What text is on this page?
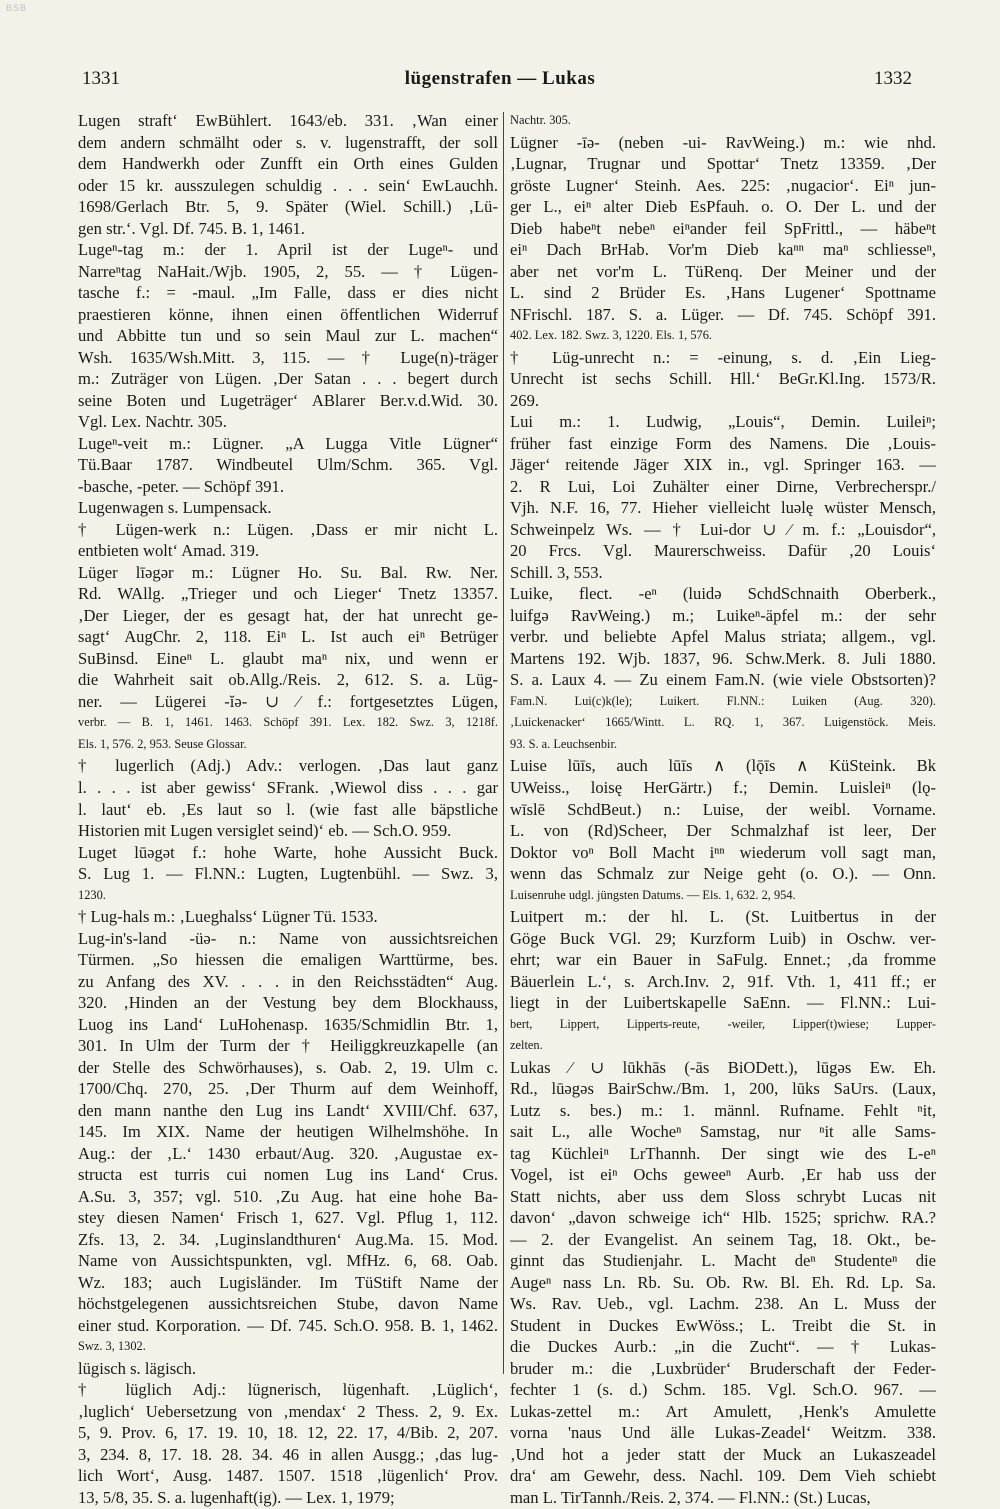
BSB
1331	lügenstrafen — Lukas	1332
Lugen straft‘ EwBühlert. 1643/eb. 331. ‚Wan einer
dem andern schmälht oder s. v. lugenstrafft, der soll
dem Handwerkh oder Zunfft ein Orth eines Gulden
oder 15 kr. ausszulegen schuldig . . . sein‘ EwLauchh.
1698/Gerlach Btr. 5, 9. Später (Wiel. Schill.) ‚Lü-
gen str.‘. Vgl. Df. 745. B. 1, 1461.
Lugeⁿ-tag m.: der 1. April ist der Lugeⁿ- und
Narreⁿtag NaHait./Wjb. 1905, 2, 55. — † Lügen-
tasche f.: = -maul. „Im Falle, dass er dies nicht
praestieren könne, ihnen einen öffentlichen Widerruf
und Abbitte tun und so sein Maul zur L. machen“
Wsh. 1635/Wsh.Mitt. 3, 115. — † Luge(n)-träger
m.: Zuträger von Lügen. ‚Der Satan . . . begert durch
seine Boten und Lugeträger‘ ABlarer Ber.v.d.Wid. 30.
Vgl. Lex. Nachtr. 305.
Lugeⁿ-veit m.: Lügner. „A Lugga Vitle Lügner“
Tü.Baar 1787. Windbeutel Ulm/Schm. 365. Vgl.
-basche, -peter. — Schöpf 391.
Lugenwagen s. Lumpensack.
† Lügen-werk n.: Lügen. ‚Dass er mir nicht L.
entbieten wolt‘ Amad. 319.
Lüger līəgər m.: Lügner Ho. Su. Bal. Rw. Ner.
Rd. WAllg. „Trieger und och Lieger‘ Tnetz 13357.
‚Der Lieger, der es gesagt hat, der hat unrecht ge-
sagt‘ AugChr. 2, 118. Eiⁿ L. Ist auch eiⁿ Betrüger
SuBinsd. Eineⁿ L. glaubt maⁿ nix, und wenn er
die Wahrheit sait ob.Allg./Reis. 2, 612. S. a. Lüg-
ner. — Lügerei -ĭə- ∪ ∕ f.: fortgesetztes Lügen,
verbr. — B. 1, 1461. 1463. Schöpf 391. Lex. 182. Swz. 3, 1218f.
Els. 1, 576. 2, 953. Seuse Glossar.
† lugerlich (Adj.) Adv.: verlogen. ‚Das laut ganz
l. . . . ist aber gewiss‘ SFrank. ‚Wiewol diss . . . gar
l. laut‘ eb. ‚Es laut so l. (wie fast alle bäpstliche
Historien mit Lugen versiglet seind)‘ eb. — Sch.O. 959.
Luget lūəgət f.: hohe Warte, hohe Aussicht Buck.
S. Lug 1. — Fl.NN.: Lugten, Lugtenbühl. — Swz. 3,
1230.
† Lug-hals m.: ‚Lueghalss‘ Lügner Tü. 1533.
Lug-in's-land -üə- n.: Name von aussichtsreichen
Türmen. „So hiessen die emaligen Warttürme, bes.
zu Anfang des XV. . . . in den Reichsstädten“ Aug.
320. ‚Hinden an der Vestung bey dem Blockhauss,
Luog ins Land‘ LuHohenasp. 1635/Schmidlin Btr. 1,
301. In Ulm der Turm der † Heiliggkreuzkapelle (an
der Stelle des Schwörhauses), s. Oab. 2, 19. Ulm c.
1700/Chq. 270, 25. ‚Der Thurm auf dem Weinhoff,
den mann nanthe den Lug ins Landt‘ XVIII/Chf. 637,
145. Im XIX. Name der heutigen Wilhelmshöhe. In
Aug.: der ‚L.‘ 1430 erbaut/Aug. 320. ‚Augustae ex-
structa est turris cui nomen Lug ins Land‘ Crus.
A.Su. 3, 357; vgl. 510. ‚Zu Aug. hat eine hohe Ba-
stey diesen Namen‘ Frisch 1, 627. Vgl. Pflug 1, 112.
Zfs. 13, 2. 34. ‚Luginslandthuren‘ Aug.Ma. 15. Mod.
Name von Aussichtspunkten, vgl. MfHz. 6, 68. Oab.
Wz. 183; auch Lugisländer. Im TüStift Name der
höchstgelegenen aussichtsreichen Stube, davon Name
einer stud. Korporation. — Df. 745. Sch.O. 958. B. 1, 1462.
Swz. 3, 1302.
lügisch s. lägisch.
† lüglich Adj.: lügnerisch, lügenhaft. ‚Lüglich‘,
‚luglich‘ Uebersetzung von ‚mendax‘ 2 Thess. 2, 9. Ex.
5, 9. Prov. 6, 17. 19. 10, 18. 12, 22. 17, 4/Bib. 2, 207.
3, 234. 8, 17. 18. 28. 34. 46 in allen Ausgg.; ‚das lug-
lich Wort‘, Ausg. 1487. 1507. 1518 ‚lügenlich‘ Prov.
13, 5/8, 35. S. a. lugenhaft(ig). — Lex. 1, 1979;
Nachtr. 305.
Lügner -īə- (neben -ui- RavWeing.) m.: wie nhd.
‚Lugnar, Trugnar und Spottar‘ Tnetz 13359. ‚Der
gröste Lugner‘ Steinh. Aes. 225: ‚nugacior‘. Eiⁿ jun-
ger L., eiⁿ alter Dieb EsPfauh. o. O. Der L. und der
Dieb habeⁿt nebeⁿ eiⁿander feil SpFrittl., — häbeⁿt
eiⁿ Dach BrHab. Vor'm Dieb kaⁿⁿ maⁿ schliesseⁿ,
aber net vor'm L. TüRenq. Der Meiner und der
L. sind 2 Brüder Es. ‚Hans Lugener‘ Spottname
NFrischl. 187. S. a. Lüger. — Df. 745. Schöpf 391.
402. Lex. 182. Swz. 3, 1220. Els. 1, 576.
† Lüg-unrecht n.: = -einung, s. d. ‚Ein Lieg-
Unrecht ist sechs Schill. Hll.‘ BeGr.Kl.Ing. 1573/R.
269.
Lui m.: 1. Ludwig, „Louis“, Demin. Luileiⁿ;
früher fast einzige Form des Namens. Die ‚Louis-
Jäger‘ reitende Jäger XIX in., vgl. Springer 163. —
2. R Lui, Loi Zuhälter einer Dirne, Verbrecherspr./
Vjh. N.F. 16, 77. Hieher vielleicht luəlę wüster Mensch,
Schweinpelz Ws. — † Lui-dor ∪ ∕ m. f.: „Louisdor“,
20 Frcs. Vgl. Maurerschweiss. Dafür ‚20 Louis‘
Schill. 3, 553.
Luike, flect. -eⁿ (luidə SchdSchnaith Oberberk.,
luifgə RavWeing.) m.; Luikeⁿ-äpfel m.: der sehr
verbr. und beliebte Apfel Malus striata; allgem., vgl.
Martens 192. Wjb. 1837, 96. Schw.Merk. 8. Juli 1880.
S. a. Laux 4. — Zu einem Fam.N. (wie viele Obstsorten)?
Fam.N. Lui(c)k(le); Luikert. Fl.NN.: Luiken (Aug. 320).
‚Luickenacker‘ 1665/Wintt. L. RQ. 1, 367. Luigenstöck. Meis.
93. S. a. Leuchsenbir.
Luise lūīs, auch lūīs ∧ (lǭīs ∧ KüSteink. Bk
UWeiss., loisę HerGärtr.) f.; Demin. Luisleiⁿ (lǫ-
wīslē SchdBeut.) n.: Luise, der weibl. Vorname.
L. von (Rd)Scheer, Der Schmalzhaf ist leer, Der
Doktor voⁿ Boll Macht iⁿⁿ wiederum voll sagt man,
wenn das Schmalz zur Neige geht (o. O.). — Onn.
Luisenruhe udgl. jüngsten Datums. — Els. 1, 632. 2, 954.
Luitpert m.: der hl. L. (St. Luitbertus in der
Göge Buck VGl. 29; Kurzform Luib) in Oschw. ver-
ehrt; war ein Bauer in SaFulg. Ennet.; ‚da fromme
Bäuerlein L.‘, s. Arch.Inv. 2, 91f. Vth. 1, 411 ff.; er
liegt in der Luibertskapelle SaEnn. — Fl.NN.: Lui-
bert, Lippert, Lipperts-reute, -weiler, Lipper(t)wiese; Lupper-
zelten.
Lukas ∕ ∪ lūkhās (-ās BiODett.), lūgəs Ew. Eh.
Rd., lūəgəs BairSchw./Bm. 1, 200, lūks SaUrs. (Laux,
Lutz s. bes.) m.: 1. männl. Rufname. Fehlt ⁿit,
sait L., alle Wocheⁿ Samstag, nur ⁿit alle Sams-
tag Küchleiⁿ LrThannh. Der singt wie des L-eⁿ
Vogel, ist eiⁿ Ochs geweeⁿ Aurb. ‚Er hab uss der
Statt nichts, aber uss dem Sloss schrybt Lucas nit
davon‘ „davon schweige ich“ Hlb. 1525; sprichw. RA.?
— 2. der Evangelist. An seinem Tag, 18. Okt., be-
ginnt das Studienjahr. L. Macht deⁿ Studenteⁿ die
Augeⁿ nass Ln. Rb. Su. Ob. Rw. Bl. Eh. Rd. Lp. Sa.
Ws. Rav. Ueb., vgl. Lachm. 238. An L. Muss der
Student in Duckes EwWöss.; L. Treibt die St. in
die Duckes Aurb.: „in die Zucht“. — † Lukas-
bruder m.: die ‚Luxbrüder‘ Bruderschaft der Feder-
fechter 1 (s. d.) Schm. 185. Vgl. Sch.O. 967. —
Lukas-zettel m.: Art Amulett, ‚Henk's Amulette
vorna 'naus Und älle Lukas-Zeadel‘ Weitzm. 338.
‚Und hot a jeder statt der Muck an Lukaszeadel
dra‘ am Gewehr, dess. Nachl. 109. Dem Vieh schiebt
man L. TirTannh./Reis. 2, 374. — Fl.NN.: (St.) Lucas,
